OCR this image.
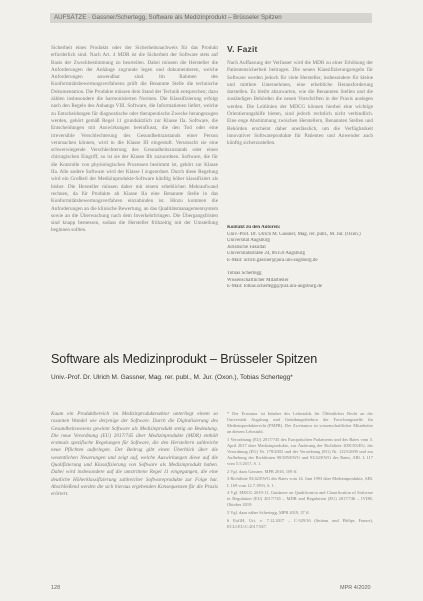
AUFSÄTZE · Gassner/Schertegg, Software als Medizinprodukt – Brüsseler Spitzen
Sicherheit eines Produkts oder der Sicherheitsnachweis für das Produkt erforderlich sind. Nach Art. 4 MDR ist die Sicherheit der Software stets auf Basis der Zweckbestimmung zu beurteilen. Dabei müssen die Hersteller die Anforderungen der Anhänge zugrunde legen und dokumentieren, welche Anforderungen anwendbar sind. Im Rahmen des Konformitätsbewertungsverfahrens prüft die Benannte Stelle die technische Dokumentation. Die Produkte müssen dem Stand der Technik entsprechen; dazu zählen insbesondere die harmonisierten Normen. Die Klassifizierung erfolgt nach den Regeln des Anhangs VIII. Software, die Informationen liefert, welche zu Entscheidungen für diagnostische oder therapeutische Zwecke herangezogen werden, gehört gemäß Regel 11 grundsätzlich zur Klasse IIa. Software, die Entscheidungen mit Auswirkungen beeinflusst, die den Tod oder eine irreversible Verschlechterung des Gesundheitszustands einer Person verursachen können, wird in die Klasse III eingestuft. Verursacht sie eine schwerwiegende Verschlechterung des Gesundheitszustands oder einen chirurgischen Eingriff, so ist sie der Klasse IIb zuzuordnen. Software, die für die Kontrolle von physiologischen Prozessen bestimmt ist, gehört zur Klasse IIa. Alle andere Software wird der Klasse I zugeordnet. Durch diese Regelung wird ein Großteil der Medizinprodukte-Software künftig höher klassifiziert als bisher. Die Hersteller müssen daher mit einem erheblichen Mehraufwand rechnen, da für Produkte ab Klasse IIa eine Benannte Stelle in das Konformitätsbewertungsverfahren einzubinden ist. Hinzu kommen die Anforderungen an die klinische Bewertung, an das Qualitätsmanagementsystem sowie an die Überwachung nach dem Inverkehrbringen. Die Übergangsfristen sind knapp bemessen, sodass die Hersteller frühzeitig mit der Umstellung beginnen sollten.
V. Fazit
Nach Auffassung der Verfasser wird die MDR zu einer Erhöhung der Patientensicherheit beitragen. Die neuen Klassifizierungsregeln für Software werden jedoch für viele Hersteller, insbesondere für kleine und mittlere Unternehmen, eine erhebliche Herausforderung darstellen. Es bleibt abzuwarten, wie die Benannten Stellen und die zuständigen Behörden die neuen Vorschriften in der Praxis auslegen werden. Die Leitlinien der MDCG können hierbei eine wichtige Orientierungshilfe bieten, sind jedoch rechtlich nicht verbindlich. Eine enge Abstimmung zwischen Herstellern, Benannten Stellen und Behörden erscheint daher unerlässlich, um die Verfügbarkeit innovativer Softwareprodukte für Patienten und Anwender auch künftig sicherzustellen.
Kontakt zu den Autoren:
Univ.-Prof. Dr. Ulrich M. Gassner, Mag. rer. publ., M. Jur. (Oxon.)
Universität Augsburg
Juristische Fakultät
Universitätsstraße 24, 86159 Augsburg
E-Mail: ulrich.gassner@jura.uni-augsburg.de

Tobias Schertegg
Wissenschaftlicher Mitarbeiter
E-Mail: tobias.schertegg@jura.uni-augsburg.de
Software als Medizinprodukt – Brüsseler Spitzen
Univ.-Prof. Dr. Ulrich M. Gassner, Mag. rer. publ., M. Jur. (Oxon.), Tobias Schertegg*
Kaum ein Produktbereich im Medizinproduktesektor unterliegt einem so rasanten Wandel wie derjenige der Software. Durch die Digitalisierung des Gesundheitswesens gewinnt Software als Medizinprodukt stetig an Bedeutung. Die neue Verordnung (EU) 2017/745 über Medizinprodukte (MDR) enthält erstmals spezifische Regelungen für Software, die den Herstellern zahlreiche neue Pflichten auferlegen. Der Beitrag gibt einen Überblick über die wesentlichen Neuerungen und zeigt auf, welche Auswirkungen diese auf die Qualifizierung und Klassifizierung von Software als Medizinprodukt haben. Dabei wird insbesondere auf die umstrittene Regel 11 eingegangen, die eine deutliche Höherklassifizierung zahlreicher Softwareprodukte zur Folge hat. Abschließend werden die sich hieraus ergebenden Konsequenzen für die Praxis erörtert.
* Der Erstautor ist Inhaber des Lehrstuhls für Öffentliches Recht an der Universität Augsburg und Gründungsdirektor der Forschungsstelle für Medizinprodukterecht (FMPR). Der Zweitautor ist wissenschaftlicher Mitarbeiter an diesem Lehrstuhl.
1 Verordnung (EU) 2017/745 des Europäischen Parlaments und des Rates vom 5. April 2017 über Medizinprodukte, zur Änderung der Richtlinie 2001/83/EG, der Verordnung (EG) Nr. 178/2002 und der Verordnung (EG) Nr. 1223/2009 und zur Aufhebung der Richtlinien 90/385/EWG und 93/42/EWG des Rates, ABl. L 117 vom 5.5.2017, S. 1.
2 Vgl. dazu Gassner, MPR 2016, 109 ff.
3 Richtlinie 93/42/EWG des Rates vom 14. Juni 1993 über Medizinprodukte, ABl. L 169 vom 12.7.1993, S. 1.
4 Vgl. MDCG 2019-11, Guidance on Qualification and Classification of Software in Regulation (EU) 2017/745 – MDR and Regulation (EU) 2017/746 – IVDR, Oktober 2019.
5 Vgl. dazu näher Schertegg, MPR 2019, 37 ff.
6 EuGH, Urt. v. 7.12.2017 – C-329/16 (Snitem und Philips France), ECLI:EU:C:2017:947.
128	MPR 4/2020
